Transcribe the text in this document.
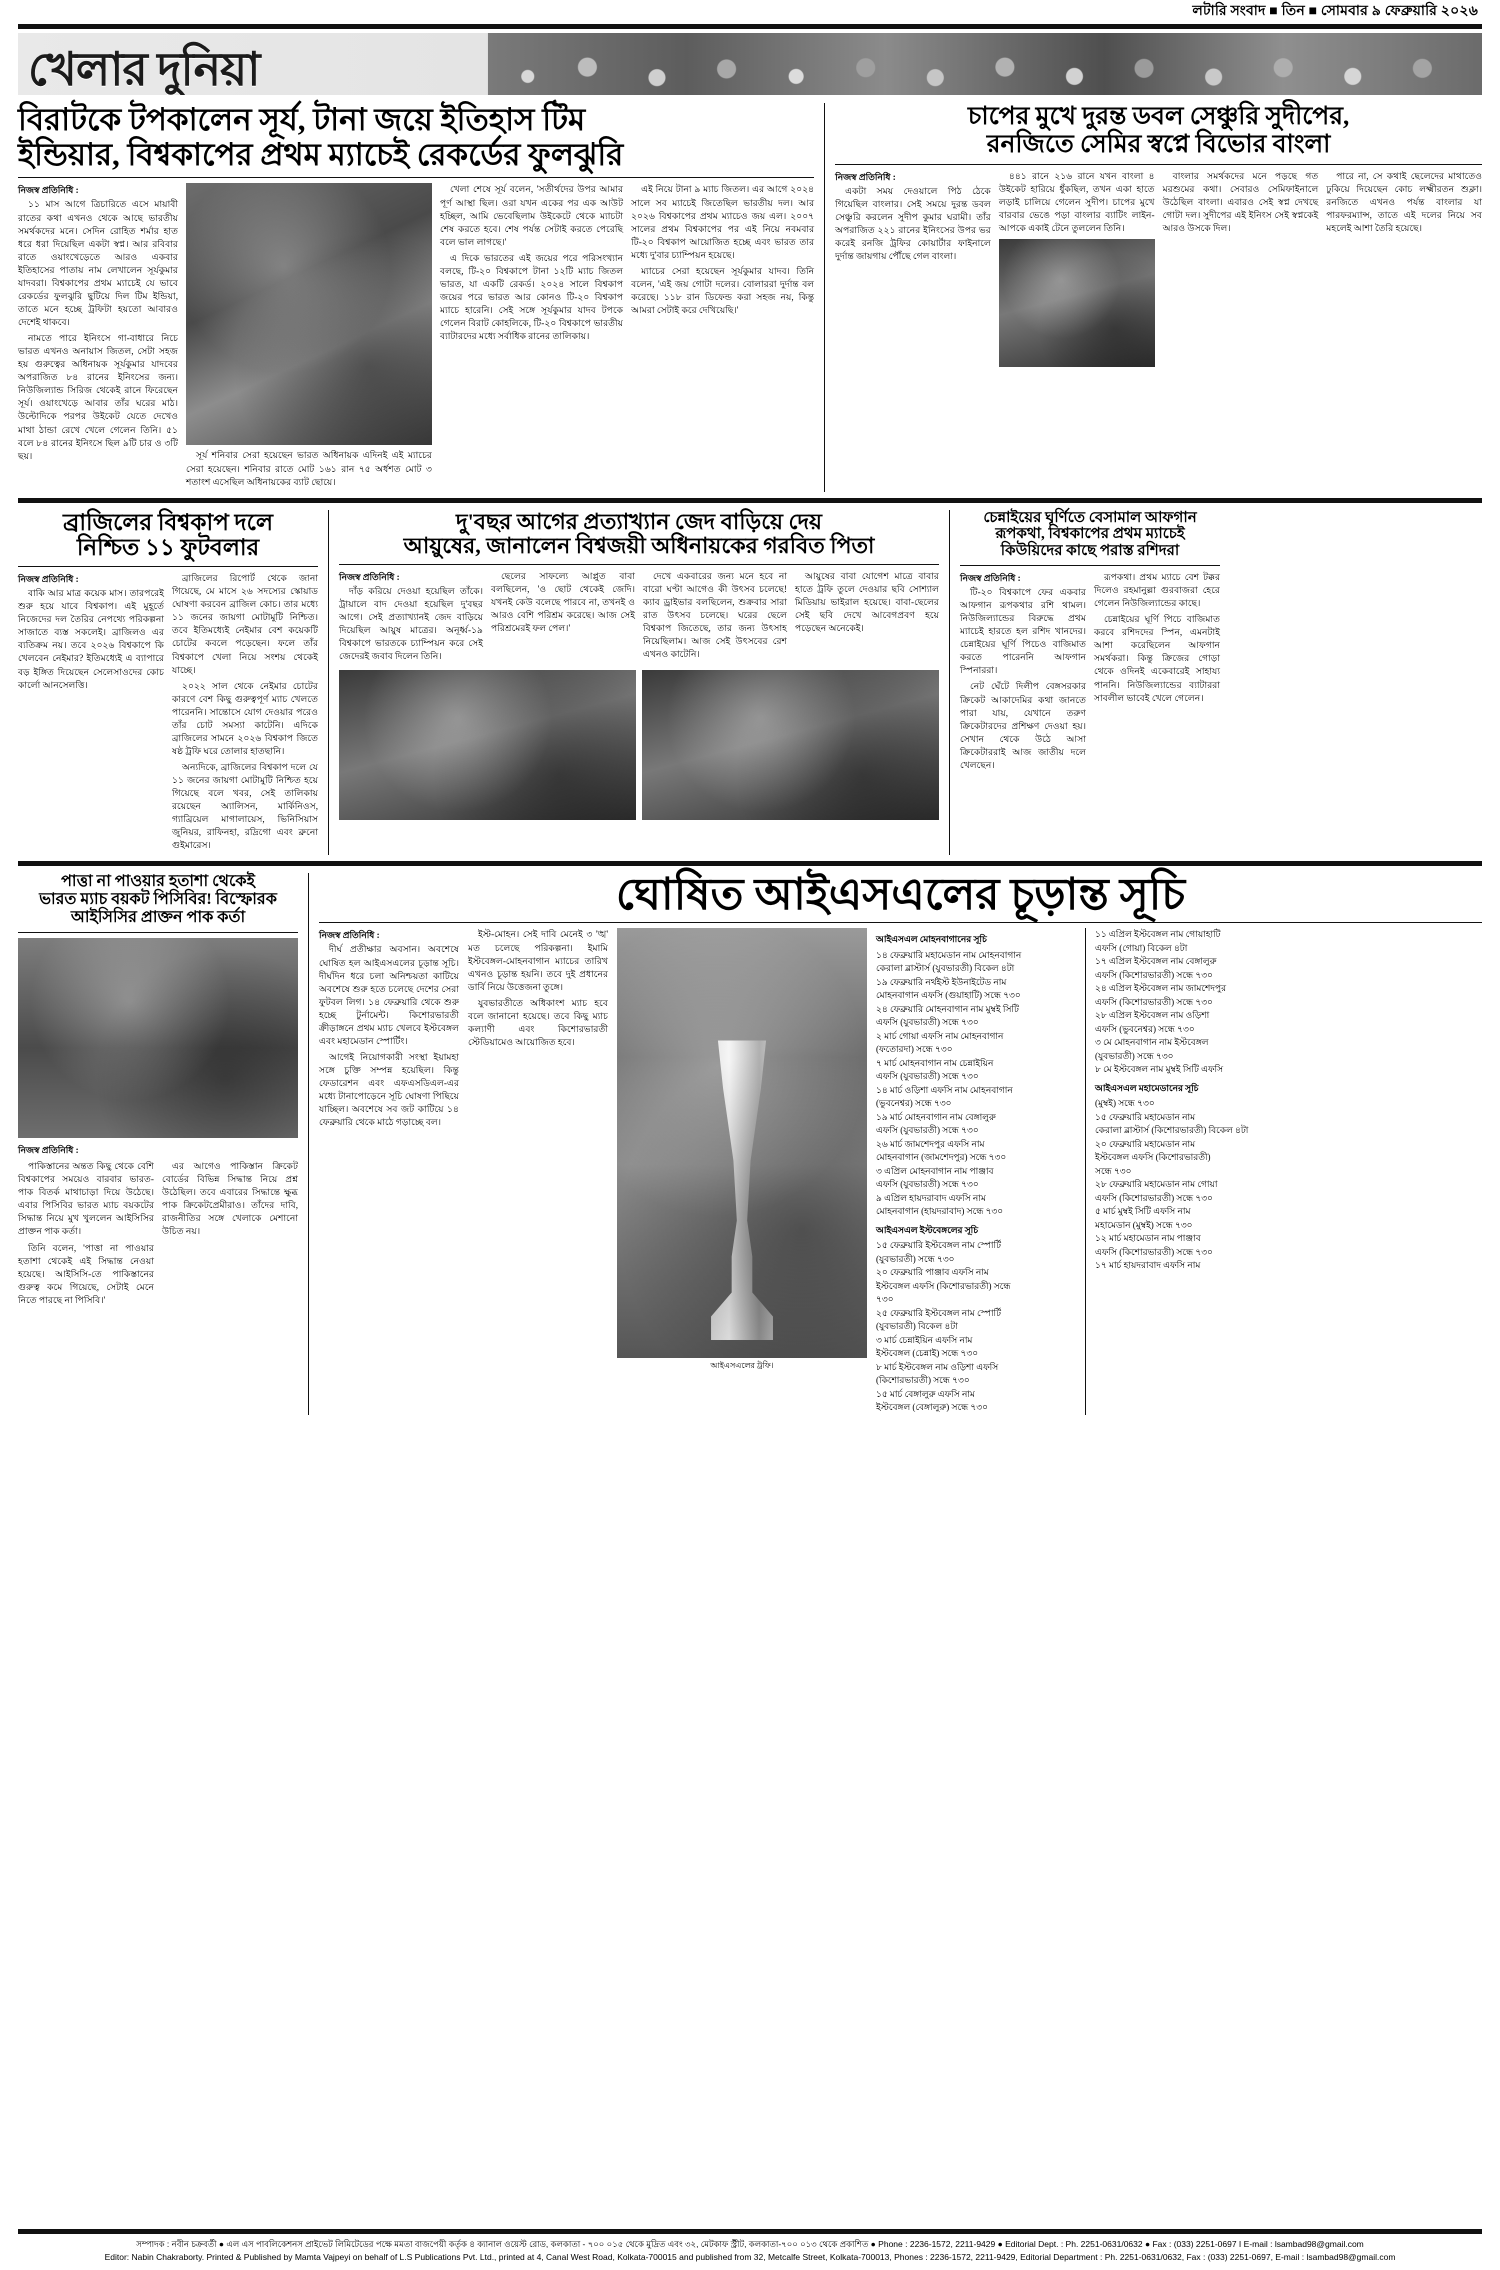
লটারি সংবাদ ■ তিন ■ সোমবার ৯ ফেব্রুয়ারি ২০২৬
খেলার দুনিয়া
বিরাটকে টপকালেন সূর্য, টানা জয়ে ইতিহাস টিম
ইন্ডিয়ার, বিশ্বকাপের প্রথম ম্যাচেই রেকর্ডের ফুলঝুরি
নিজস্ব প্রতিনিধি :

১১ মাস আগে ত্রিচারিতে এসে মায়াবী রাতের কথা এখনও থেকে আছে ভারতীয় সমর্থকদের মনে। সেদিন রোহিত শর্মার হাত ধরে ধরা দিয়েছিল একটা স্বপ্ন। আর রবিবার রাতে ওয়াংখেড়েতে আরও একবার ইতিহাসের পাতায় নাম লেখালেন সূর্যকুমার যাদবরা। বিশ্বকাপের প্রথম ম্যাচেই যে ভাবে রেকর্ডের ফুলঝুরি ছুটিয়ে দিল টিম ইন্ডিয়া, তাতে মনে হচ্ছে ট্রফিটা হয়তো আবারও দেশেই থাকবে।

নামতে পারে ইনিংসে গা-বাধারে নিচে ভারত এখনও অনায়াস জিতল, সেটা সহজ হয় গুরুত্বের অধিনায়ক সূর্যকুমার যাদবের অপরাজিত ৮৪ রানের ইনিংসের জন্য। নিউজিল্যান্ড সিরিজ থেকেই রানে ফিরেছেন সূর্য। ওয়াংখেড়ে আবার তাঁর ঘরের মাঠ। উল্টোদিকে পরপর উইকেট যেতে দেখেও মাথা ঠান্ডা রেখে খেলে গেলেন তিনি। ৫১ বলে ৮৪ রানের ইনিংসে ছিল ৯টি চার ও ৩টি ছয়।	সূর্য শনিবার সেরা হয়েছেন ভারত অধিনায়ক এদিনই এই ম্যাচের সেরা হয়েছেন। শনিবার রাতে মোট ১৬১ রান ৭৫ অর্ধশত মোট ৩ শতাংশ এসেছিল অধিনায়কের ব্যাট ছোয়ে।

খেলা শেষে সূর্য বলেন, 'সতীর্থদের উপর আমার পূর্ণ আস্থা ছিল। ওরা যখন একের পর এক আউট হচ্ছিল, আমি ভেবেছিলাম উইকেটে থেকে ম্যাচটা শেষ করতে হবে। শেষ পর্যন্ত সেটাই করতে পেরেছি বলে ভাল লাগছে।'

এ দিকে ভারতের এই জয়ের পরে পরিসংখ্যান বলছে, টি-২০ বিশ্বকাপে টানা ১২টি ম্যাচ জিতল ভারত, যা একটি রেকর্ড। ২০২৪ সালে বিশ্বকাপ জয়ের পরে ভারত আর কোনও টি-২০ বিশ্বকাপ ম্যাচে হারেনি। সেই সঙ্গে সূর্যকুমার যাদব টপকে গেলেন বিরাট কোহলিকে, টি-২০ বিশ্বকাপে ভারতীয় ব্যাটারদের মধ্যে সর্বাধিক রানের তালিকায়।

এই নিয়ে টানা ৯ ম্যাচ জিতল। এর আগে ২০২৪ সালে সব ম্যাচেই জিতেছিল ভারতীয় দল। আর ২০২৬ বিশ্বকাপের প্রথম ম্যাচেও জয় এল। ২০০৭ সালের প্রথম বিশ্বকাপের পর এই নিয়ে নবমবার টি-২০ বিশ্বকাপ আয়োজিত হচ্ছে এবং ভারত তার মধ্যে দু'বার চ্যাম্পিয়ন হয়েছে।

ম্যাচের সেরা হয়েছেন সূর্যকুমার যাদব। তিনি বলেন, 'এই জয় গোটা দলের। বোলাররা দুর্দান্ত বল করেছে। ১১৮ রান ডিফেন্ড করা সহজ নয়, কিন্তু আমরা সেটাই করে দেখিয়েছি।'

চাপের মুখে দুরন্ত ডবল সেঞ্চুরি সুদীপের,
রনজিতে সেমির স্বপ্নে বিভোর বাংলা
নিজস্ব প্রতিনিধি :

একটা সময় দেওয়ালে পিঠ ঠেকে গিয়েছিল বাংলার। সেই সময়ে দুরন্ত ডবল সেঞ্চুরি করলেন সুদীপ কুমার ঘরামী। তাঁর অপরাজিত ২২১ রানের ইনিংসের উপর ভর করেই রনজি ট্রফির কোয়ার্টার ফাইনালে দুর্দান্ত জায়গায় পৌঁছে গেল বাংলা।

৪৪১ রানে ২১৬ রানে যখন বাংলা ৪ উইকেট হারিয়ে ধুঁকছিল, তখন একা হাতে লড়াই চালিয়ে গেলেন সুদীপ। চাপের মুখে বারবার ভেঙে পড়া বাংলার ব্যাটিং লাইন-আপকে একাই টেনে তুললেন তিনি।

বাংলার সমর্থকদের মনে পড়ছে গত মরশুমের কথা। সেবারও সেমিফাইনালে উঠেছিল বাংলা। এবারও সেই স্বপ্ন দেখছে গোটা দল। সুদীপের এই ইনিংস সেই স্বপ্নকেই আরও উসকে দিল।

পারে না, সে কথাই ছেলেদের মাথাতেও ঢুকিয়ে দিয়েছেন কোচ লক্ষ্মীরতন শুক্লা। রনজিতে এখনও পর্যন্ত বাংলার যা পারফরম্যান্স, তাতে এই দলের নিয়ে সব মহলেই আশা তৈরি হয়েছে।

ব্রাজিলের বিশ্বকাপ দলে
নিশ্চিত ১১ ফুটবলার
নিজস্ব প্রতিনিধি :

বাকি আর মাত্র কয়েক মাস। তারপরেই শুরু হয়ে যাবে বিশ্বকাপ। এই মুহূর্তে নিজেদের দল তৈরির নেপথ্যে পরিকল্পনা সাজাতে ব্যস্ত সকলেই। ব্রাজিলও এর ব্যতিক্রম নয়। তবে ২০২৬ বিশ্বকাপে কি খেলবেন নেইমার? ইতিমধ্যেই এ ব্যাপারে বড় ইঙ্গিত দিয়েছেন সেলেসাওদের কোচ কার্লো আনসেলত্তি।

ব্রাজিলের রিপোর্ট থেকে জানা গিয়েছে, মে মাসে ২৬ সদস্যের স্কোয়াড ঘোষণা করবেন ব্রাজিল কোচ। তার মধ্যে ১১ জনের জায়গা মোটামুটি নিশ্চিত। তবে ইতিমধ্যেই নেইমার বেশ কয়েকটি চোটের কবলে পড়েছেন। ফলে তাঁর বিশ্বকাপে খেলা নিয়ে সংশয় থেকেই যাচ্ছে।

২০২২ সাল থেকে নেইমার চোটের কারণে বেশ কিছু গুরুত্বপূর্ণ ম্যাচ খেলতে পারেননি। সান্তোসে যোগ দেওয়ার পরেও তাঁর চোট সমস্যা কাটেনি। এদিকে ব্রাজিলের সামনে ২০২৬ বিশ্বকাপ জিতে ষষ্ঠ ট্রফি ঘরে তোলার হাতছানি।

অন্যদিকে, ব্রাজিলের বিশ্বকাপ দলে যে ১১ জনের জায়গা মোটামুটি নিশ্চিত হয়ে গিয়েছে বলে খবর, সেই তালিকায় রয়েছেন অ্যালিসন, মার্কিনিওস, গ্যাব্রিয়েল মাগালায়েস, ভিনিসিয়াস জুনিয়র, রাফিনহা, রদ্রিগো এবং ব্রুনো গুইমারেস।

দু'বছর আগের প্রত্যাখ্যান জেদ বাড়িয়ে দেয়
আয়ুষের, জানালেন বিশ্বজয়ী অধিনায়কের গরবিত পিতা
নিজস্ব প্রতিনিধি :

দাঁড় করিয়ে দেওয়া হয়েছিল তাঁকে। ট্রায়ালে বাদ দেওয়া হয়েছিল দু'বছর আগে। সেই প্রত্যাখ্যানই জেদ বাড়িয়ে দিয়েছিল আয়ুষ মাত্রের। অনূর্ধ্ব-১৯ বিশ্বকাপে ভারতকে চ্যাম্পিয়ন করে সেই জেদেরই জবাব দিলেন তিনি।

ছেলের সাফল্যে আপ্লুত বাবা বলছিলেন, 'ও ছোট থেকেই জেদি। যখনই কেউ বলেছে পারবে না, তখনই ও আরও বেশি পরিশ্রম করেছে। আজ সেই পরিশ্রমেরই ফল পেল।'

দেখে একবারের জন্য মনে হবে না বারো ঘণ্টা আগেও কী উৎসব চলেছে! ক্যাব ড্রাইভার বলছিলেন, শুক্রবার সারা রাত উৎসব চলেছে। ঘরের ছেলে বিশ্বকাপ জিতেছে, তার জন্য উৎসাহ নিয়েছিলাম। আজ সেই উৎসবের রেশ এখনও কাটেনি।

আয়ুষের বাবা যোগেশ মাত্রে বাবার হাতে ট্রফি তুলে দেওয়ার ছবি সোশ্যাল মিডিয়ায় ভাইরাল হয়েছে। বাবা-ছেলের সেই ছবি দেখে আবেগপ্রবণ হয়ে পড়েছেন অনেকেই।

চেন্নাইয়ের ঘূর্ণিতে বেসামাল আফগান
রূপকথা, বিশ্বকাপের প্রথম ম্যাচেই
কিউয়িদের কাছে পরাস্ত রশিদরা
নিজস্ব প্রতিনিধি :

টি-২০ বিশ্বকাপে ফের একবার আফগান রূপকথার রশি থামল। নিউজিল্যান্ডের বিরুদ্ধে প্রথম ম্যাচেই হারতে হল রশিদ খানদের। চেন্নাইয়ের ঘূর্ণি পিচেও বাজিমাত করতে পারেননি আফগান স্পিনাররা।

নেট ঘেঁটে দিলীপ বেঙ্গসরকার ক্রিকেট আকাদেমির কথা জানতে পারা যায়, যেখানে তরুণ ক্রিকেটারদের প্রশিক্ষণ দেওয়া হয়। সেখান থেকে উঠে আসা ক্রিকেটাররাই আজ জাতীয় দলে খেলছেন।

রূপকথা। প্রথম ম্যাচে বেশ টক্কর দিলেও রহমানুল্লা গুরবাজরা হেরে গেলেন নিউজিল্যান্ডের কাছে।

চেন্নাইয়ের ঘূর্ণি পিচে বাজিমাত করবে রশিদদের স্পিন, এমনটাই আশা করেছিলেন আফগান সমর্থকরা। কিন্তু ক্রিজের গোড়া থেকে ওদিনই একেবারেই সাহায্য পাননি। নিউজিল্যান্ডের ব্যাটাররা সাবলীল ভাবেই খেলে গেলেন।

পাত্তা না পাওয়ার হতাশা থেকেই
ভারত ম্যাচ বয়কট পিসিবির! বিস্ফোরক
আইসিসির প্রাক্তন পাক কর্তা
নিজস্ব প্রতিনিধি :

পাকিস্তানের অন্তত কিছু থেকে বেশি বিশ্বকাপের সময়েও বারবার ভারত-পাক বিতর্ক মাথাচাড়া দিয়ে উঠেছে। এবার পিসিবির ভারত ম্যাচ বয়কটের সিদ্ধান্ত নিয়ে মুখ খুললেন আইসিসির প্রাক্তন পাক কর্তা।

তিনি বলেন, 'পাত্তা না পাওয়ার হতাশা থেকেই এই সিদ্ধান্ত নেওয়া হয়েছে। আইসিসি-তে পাকিস্তানের গুরুত্ব কমে গিয়েছে, সেটাই মেনে নিতে পারছে না পিসিবি।'

এর আগেও পাকিস্তান ক্রিকেট বোর্ডের বিভিন্ন সিদ্ধান্ত নিয়ে প্রশ্ন উঠেছিল। তবে এবারের সিদ্ধান্তে ক্ষুব্ধ পাক ক্রিকেটপ্রেমীরাও। তাঁদের দাবি, রাজনীতির সঙ্গে খেলাকে মেশানো উচিত নয়।

ঘোষিত আইএসএলের চূড়ান্ত সূচি
নিজস্ব প্রতিনিধি :

দীর্ঘ প্রতীক্ষার অবসান। অবশেষে ঘোষিত হল আইএসএলের চূড়ান্ত সূচি। দীর্ঘদিন ধরে চলা অনিশ্চয়তা কাটিয়ে অবশেষে শুরু হতে চলেছে দেশের সেরা ফুটবল লিগ। ১৪ ফেব্রুয়ারি থেকে শুরু হচ্ছে টুর্নামেন্ট। কিশোরভারতী ক্রীড়াঙ্গনে প্রথম ম্যাচ খেলবে ইস্টবেঙ্গল এবং মহামেডান স্পোর্টিং।

আগেই নিয়োগকারী সংস্থা ইয়ামহা সঙ্গে চুক্তি সম্পন্ন হয়েছিল। কিন্তু ফেডারেশন এবং এফএসডিএল-এর মধ্যে টানাপোড়েনে সূচি ঘোষণা পিছিয়ে যাচ্ছিল। অবশেষে সব জট কাটিয়ে ১৪ ফেব্রুয়ারি থেকে মাঠে গড়াচ্ছে বল।

ইস্ট-মোহন। সেই দাবি মেনেই ৩ 'ঙ্খ' মত চলেছে পরিকল্পনা। ইমামি ইস্টবেঙ্গল-মোহনবাগান ম্যাচের তারিখ এখনও চূড়ান্ত হয়নি। তবে দুই প্রধানের ডার্বি নিয়ে উত্তেজনা তুঙ্গে।

যুবভারতীতে অধিকাংশ ম্যাচ হবে বলে জানানো হয়েছে। তবে কিছু ম্যাচ কল্যাণী এবং কিশোরভারতী স্টেডিয়ামেও আয়োজিত হবে।

আইএসএলের ট্রফি।
আইএসএল মোহনবাগানের সূচি
১৪ ফেব্রুয়ারি মহামেডান নাম মোহনবাগান
কেরালা ব্লাস্টার্স (যুবভারতী) বিকেল ৪টা
১৯ ফেব্রুয়ারি নর্থইস্ট ইউনাইটেড নাম
মোহনবাগান এফসি (গুয়াহাটি) সন্ধে ৭৩০
২৪ ফেব্রুয়ারি মোহনবাগান নাম মুম্বই সিটি
এফসি (যুবভারতী) সন্ধে ৭৩০
২ মার্চ গোয়া এফসি নাম মোহনবাগান
(ফতোরদা) সন্ধে ৭৩০
৭ মার্চ মোহনবাগান নাম চেন্নাইয়িন
এফসি (যুবভারতী) সন্ধে ৭৩০
১৪ মার্চ ওড়িশা এফসি নাম মোহনবাগান
(ভুবনেশ্বর) সন্ধে ৭৩০
১৯ মার্চ মোহনবাগান নাম বেঙ্গালুরু
এফসি (যুবভারতী) সন্ধে ৭৩০
২৬ মার্চ জামশেদপুর এফসি নাম
মোহনবাগান (জামশেদপুর) সন্ধে ৭৩০
৩ এপ্রিল মোহনবাগান নাম পাঞ্জাব
এফসি (যুবভারতী) সন্ধে ৭৩০
৯ এপ্রিল হায়দরাবাদ এফসি নাম
মোহনবাগান (হায়দরাবাদ) সন্ধে ৭৩০
আইএসএল ইস্টবেঙ্গলের সূচি
১৫ ফেব্রুয়ারি ইস্টবেঙ্গল নাম স্পোর্টি
(যুবভারতী) সন্ধে ৭৩০
২০ ফেব্রুয়ারি পাঞ্জাব এফসি নাম
ইস্টবেঙ্গল এফসি (কিশোরভারতী) সন্ধে
৭৩০
২৫ ফেব্রুয়ারি ইস্টবেঙ্গল নাম স্পোর্টি
(যুবভারতী) বিকেল ৪টা
৩ মার্চ চেন্নাইয়িন এফসি নাম
ইস্টবেঙ্গল (চেন্নাই) সন্ধে ৭৩০
৮ মার্চ ইস্টবেঙ্গল নাম ওড়িশা এফসি
(কিশোরভারতী) সন্ধে ৭৩০
১৫ মার্চ বেঙ্গালুরু এফসি নাম
ইস্টবেঙ্গল (বেঙ্গালুরু) সন্ধে ৭৩০
১১ এপ্রিল ইস্টবেঙ্গল নাম গোয়াহাটি
এফসি (গোয়া) বিকেল ৪টা
১৭ এপ্রিল ইস্টবেঙ্গল নাম বেঙ্গালুরু
এফসি (কিশোরভারতী) সন্ধে ৭৩০
২৪ এপ্রিল ইস্টবেঙ্গল নাম জামশেদপুর
এফসি (কিশোরভারতী) সন্ধে ৭৩০
২৮ এপ্রিল ইস্টবেঙ্গল নাম ওড়িশা
এফসি (ভুবনেশ্বর) সন্ধে ৭৩০
৩ মে মোহনবাগান নাম ইস্টবেঙ্গল
(যুবভারতী) সন্ধে ৭৩০
৮ মে ইস্টবেঙ্গল নাম মুম্বই সিটি এফসি
আইএসএল মহামেডানের সূচি
(মুম্বই) সন্ধে ৭৩০
১৫ ফেব্রুয়ারি মহামেডান নাম
কেরালা ব্লাস্টার্স (কিশোরভারতী) বিকেল ৪টা
২০ ফেব্রুয়ারি মহামেডান নাম
ইস্টবেঙ্গল এফসি (কিশোরভারতী)
সন্ধে ৭৩০
২৮ ফেব্রুয়ারি মহামেডান নাম গোয়া
এফসি (কিশোরভারতী) সন্ধে ৭৩০
৫ মার্চ মুম্বই সিটি এফসি নাম
মহামেডান (মুম্বই) সন্ধে ৭৩০
১২ মার্চ মহামেডান নাম পাঞ্জাব
এফসি (কিশোরভারতী) সন্ধে ৭৩০
১৭ মার্চ হায়দরাবাদ এফসি নাম
সম্পাদক : নবীন চক্রবর্তী ● এল এস পাবলিকেশনস প্রাইভেট লিমিটেডের পক্ষে মমতা বাজপেয়ী কর্তৃক ৪ ক্যানাল ওয়েস্ট রোড, কলকাতা - ৭০০ ০১৫ থেকে মুদ্রিত এবং ৩২, মেটকাফ স্ট্রীট, কলকাতা-৭০০ ০১৩ থেকে প্রকাশিত ● Phone : 2236-1572, 2211-9429 ● Editorial Dept. : Ph. 2251-0631/0632 ● Fax : (033) 2251-0697 I E-mail : lsambad98@gmail.com
Editor: Nabin Chakraborty. Printed & Published by Mamta Vajpeyi on behalf of L.S Publications Pvt. Ltd., printed at 4, Canal West Road, Kolkata-700015 and published from 32, Metcalfe Street, Kolkata-700013, Phones : 2236-1572, 2211-9429, Editorial Department : Ph. 2251-0631/0632, Fax : (033) 2251-0697, E-mail : lsambad98@gmail.com
